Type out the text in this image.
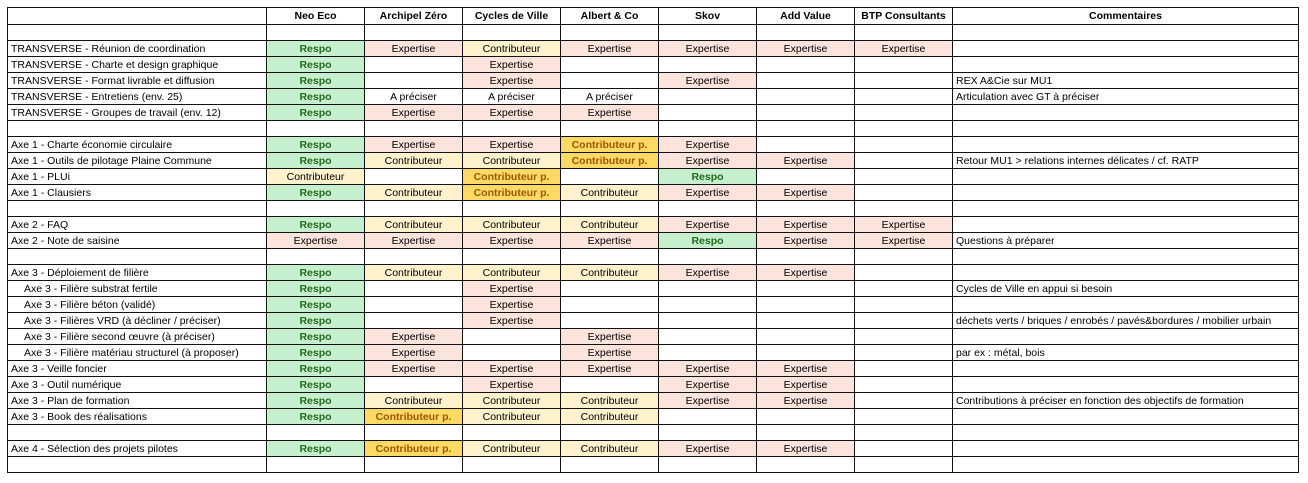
	Neo Eco	Archipel Zéro	Cycles de Ville	Albert & Co	Skov	Add Value	BTP Consultants	Commentaires

TRANSVERSE - Réunion de coordination	Respo	Expertise	Contributeur	Expertise	Expertise	Expertise	Expertise	
TRANSVERSE - Charte et design graphique	Respo		Expertise					
TRANSVERSE - Format livrable et diffusion	Respo		Expertise		Expertise			REX A&Cie sur MU1
TRANSVERSE - Entretiens (env. 25)	Respo	A préciser	A préciser	A préciser				Articulation avec GT à préciser
TRANSVERSE - Groupes de travail (env. 12)	Respo	Expertise	Expertise	Expertise				

Axe 1 - Charte économie circulaire	Respo	Expertise	Expertise	Contributeur p.	Expertise			
Axe 1 - Outils de pilotage Plaine Commune	Respo	Contributeur	Contributeur	Contributeur p.	Expertise	Expertise		Retour MU1 > relations internes délicates / cf. RATP
Axe 1 - PLUi	Contributeur		Contributeur p.		Respo			
Axe 1 - Clausiers	Respo	Contributeur	Contributeur p.	Contributeur	Expertise	Expertise		

Axe 2 - FAQ	Respo	Contributeur	Contributeur	Contributeur	Expertise	Expertise	Expertise	
Axe 2 - Note de saisine	Expertise	Expertise	Expertise	Expertise	Respo	Expertise	Expertise	Questions à préparer

Axe 3 - Déploiement de filière	Respo	Contributeur	Contributeur	Contributeur	Expertise	Expertise		
Axe 3 - Filière substrat fertile	Respo		Expertise					Cycles de Ville en appui si besoin
Axe 3 - Filière béton (validé)	Respo		Expertise					
Axe 3 - Filières VRD (à décliner / préciser)	Respo		Expertise					déchets verts / briques / enrobés / pavés&bordures / mobilier urbain
Axe 3 - Filière second œuvre (à préciser)	Respo	Expertise		Expertise				
Axe 3 - Filière matériau structurel (à proposer)	Respo	Expertise		Expertise				par ex : métal, bois
Axe 3 - Veille foncier	Respo	Expertise	Expertise	Expertise	Expertise	Expertise		
Axe 3 - Outil numérique	Respo		Expertise		Expertise	Expertise		
Axe 3 - Plan de formation	Respo	Contributeur	Contributeur	Contributeur	Expertise	Expertise		Contributions à préciser en fonction des objectifs de formation
Axe 3 - Book des réalisations	Respo	Contributeur p.	Contributeur	Contributeur				

Axe 4 - Sélection des projets pilotes	Respo	Contributeur p.	Contributeur	Contributeur	Expertise	Expertise		
